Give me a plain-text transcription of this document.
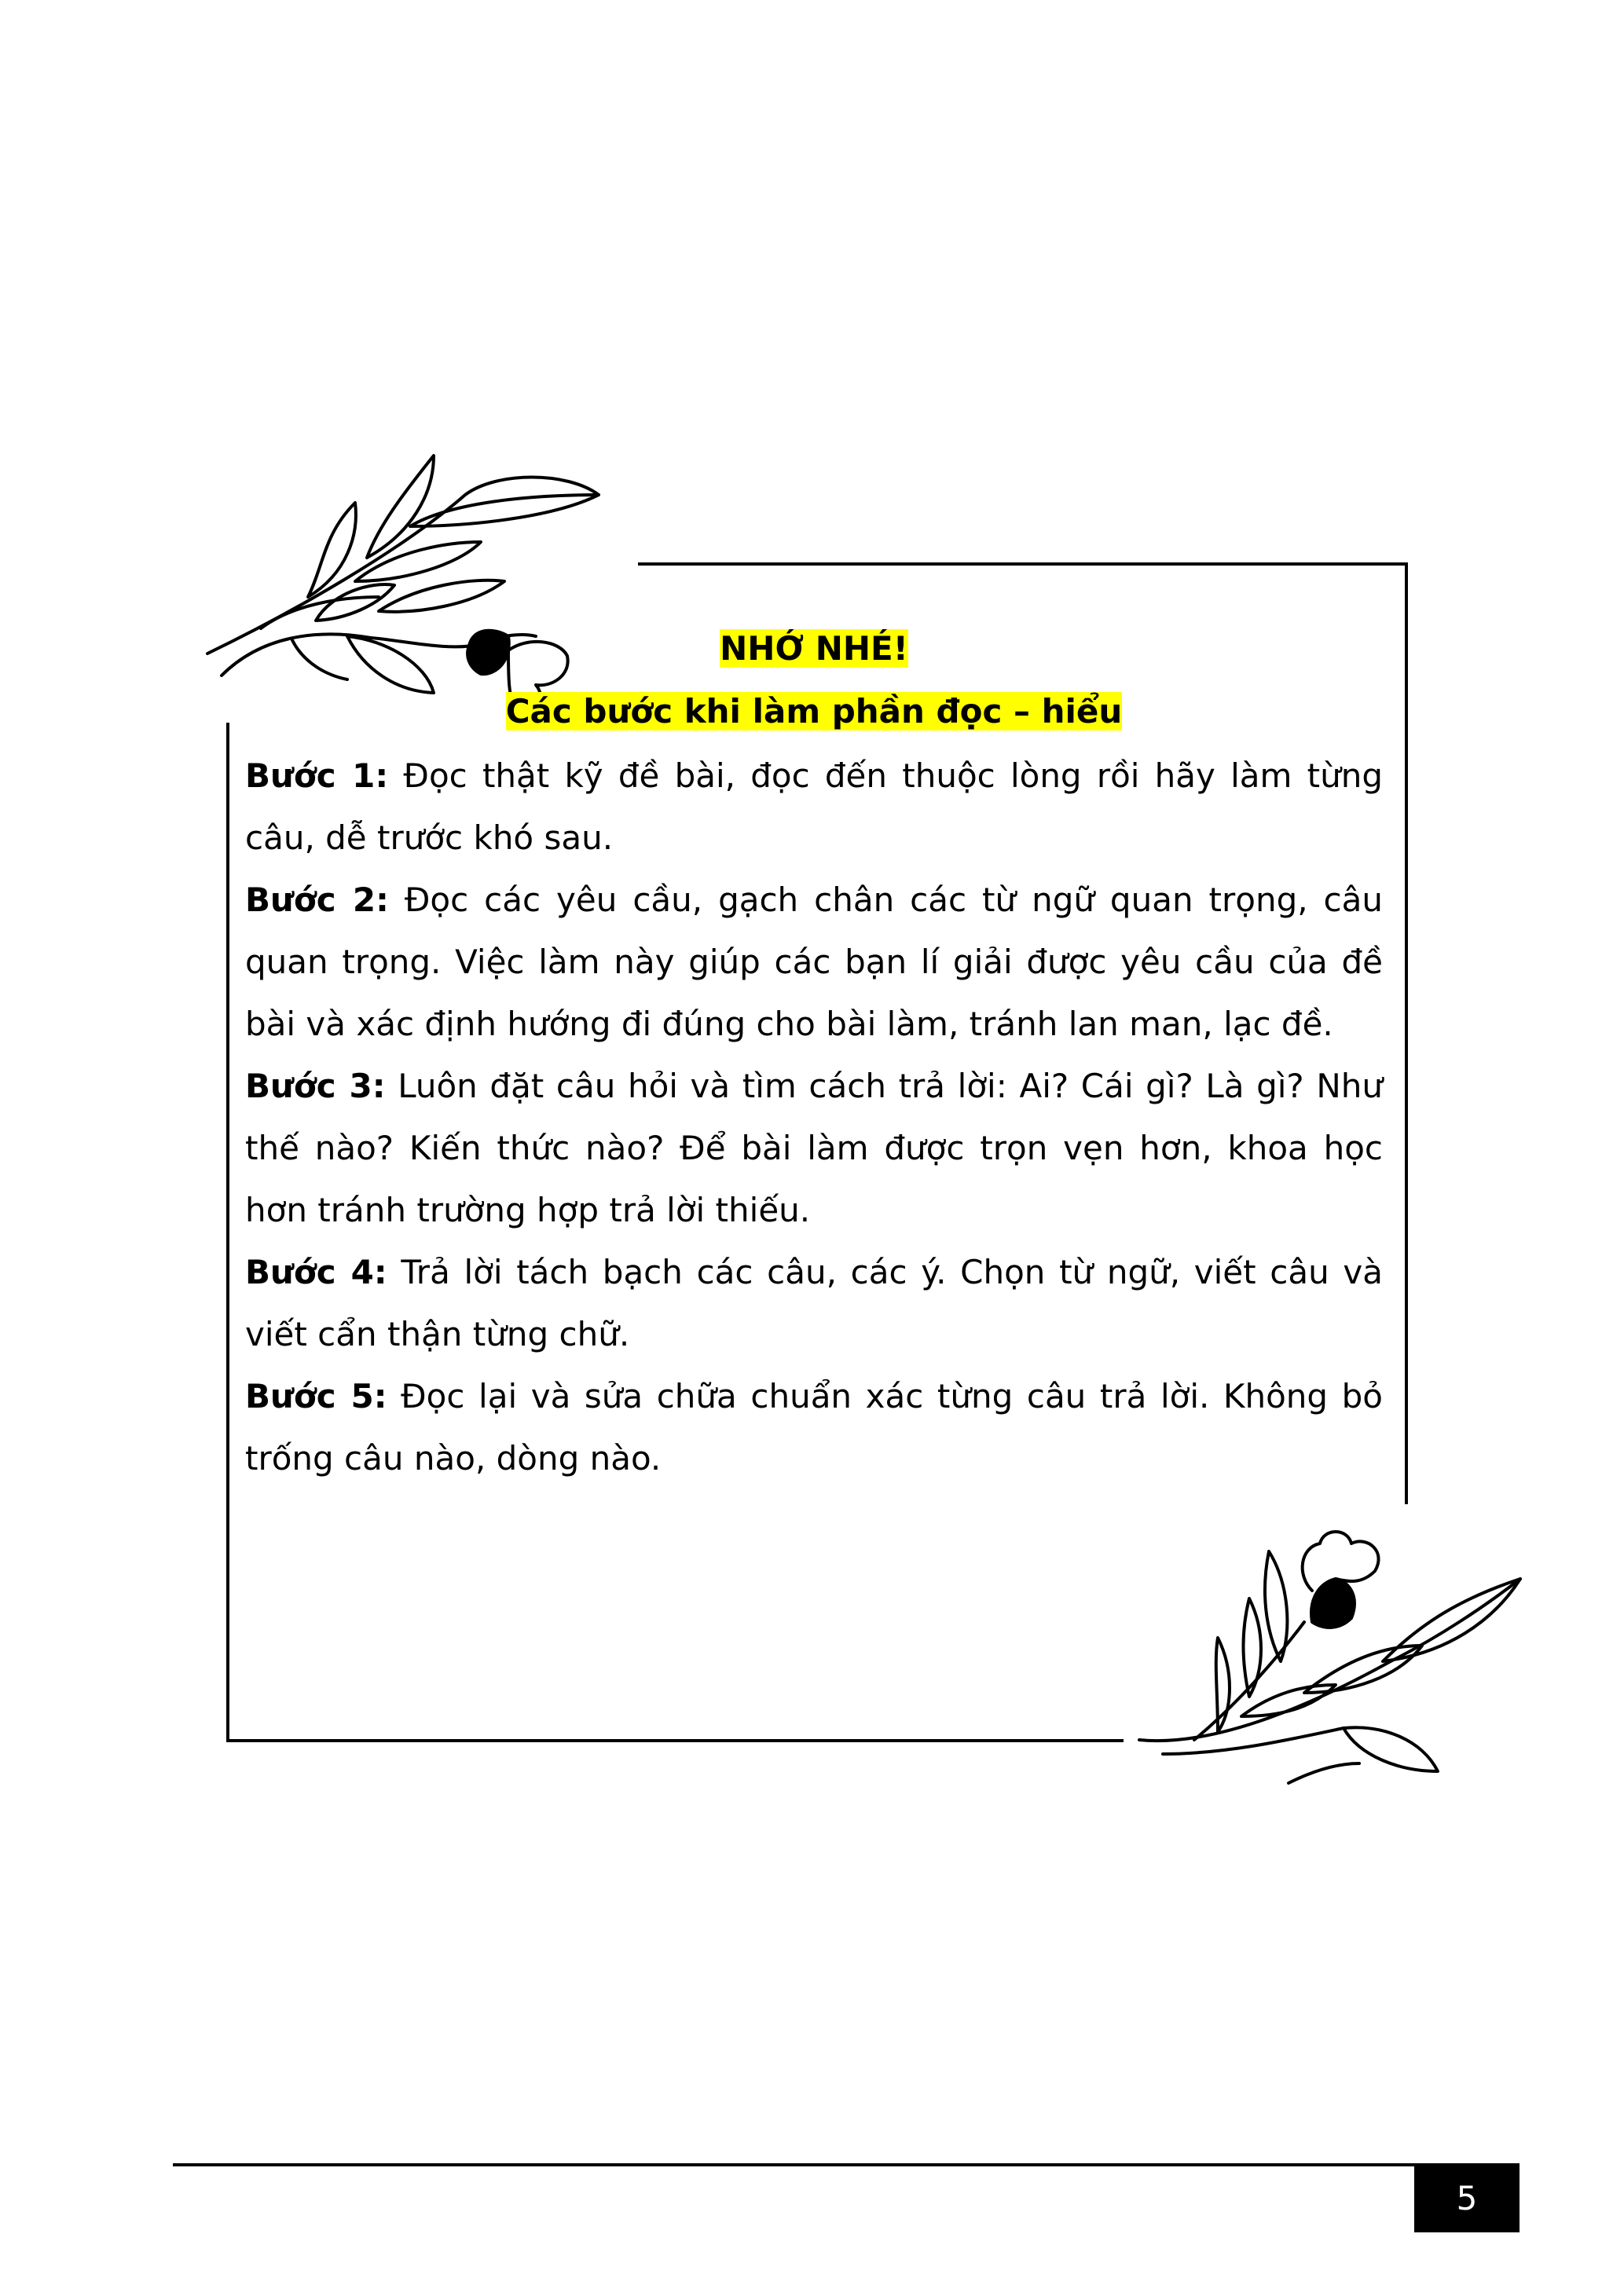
NHỚ NHÉ!

Các bước khi làm phần đọc – hiểu

Bước 1: Đọc thật kỹ đề bài, đọc đến thuộc lòng rồi hãy làm từng câu, dễ trước khó sau.

Bước 2: Đọc các yêu cầu, gạch chân các từ ngữ quan trọng, câu quan trọng. Việc làm này giúp các bạn lí giải được yêu cầu của đề bài và xác định hướng đi đúng cho bài làm, tránh lan man, lạc đề.

Bước 3: Luôn đặt câu hỏi và tìm cách trả lời: Ai? Cái gì? Là gì? Như thế nào? Kiến thức nào? Để bài làm được trọn vẹn hơn, khoa học hơn tránh trường hợp trả lời thiếu.

Bước 4: Trả lời tách bạch các câu, các ý. Chọn từ ngữ, viết câu và viết cẩn thận từng chữ.

Bước 5: Đọc lại và sửa chữa chuẩn xác từng câu trả lời. Không bỏ trống câu nào, dòng nào.

5
